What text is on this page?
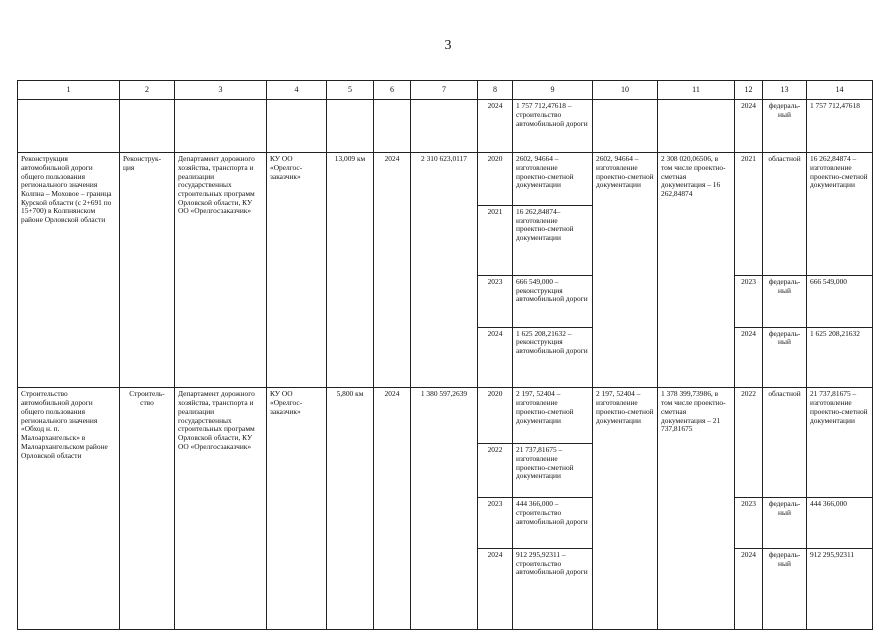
3
1	2	3	4	5	6	7	8	9	10	11	12	13	14
							2024	1 757 712,47618 – строительство автомобильной дороги			2024	федераль-ный	1 757 712,47618
Реконструкция автомобильной дороги общего пользования регионального значения Колпна – Моховое – граница Курской области (с 2+691 по 15+700) в Колпнянском районе Орловской области	Реконструк-ция	Департамент дорожного хозяйства, транспорта и реализации государственных строительных программ Орловской области, КУ ОО «Орелгосзаказчик»	КУ ОО «Орелгос-заказчик»	13,009 км	2024	2 310 623,0117	2020	2602, 94664 – изготовление проектно-сметной документации	2602, 94664 – изготовление проектно-сметной документации	2 308 020,06506, в том числе проектно-сметная документация – 16 262,84874	2021	областной	16 262,84874 – изготовление проектно-сметной документации
							2021	16 262,84874– изготовление проектно-сметной документации					
							2023	666 549,000 – реконструкция автомобильной дороги			2023	федераль-ный	666 549,000
							2024	1 625 208,21632 – реконструкция автомобильной дороги			2024	федераль-ный	1 625 208,21632
Строительство автомобильной дороги общего пользования регионального значения «Обход н. п. Малоархангельск» в Малоархангельском районе Орловской области	Строитель-ство	Департамент дорожного хозяйства, транспорта и реализации государственных строительных программ Орловской области, КУ ОО «Орелгосзаказчик»	КУ ОО «Орелгос-заказчик»	5,800 км	2024	1 380 597,2639	2020	2 197, 52404 – изготовление проектно-сметной документации	2 197, 52404 – изготовление проектно-сметной документации	1 378 399,73986, в том числе проектно-сметная документация – 21 737,81675	2022	областной	21 737,81675 – изготовление проектно-сметной документации
							2022	21 737,81675 – изготовление проектно-сметной документации					
							2023	444 366,000 – строительство автомобильной дороги			2023	федераль-ный	444 366,000
							2024	912 295,92311 – строительство автомобильной дороги			2024	федераль-ный	912 295,92311
